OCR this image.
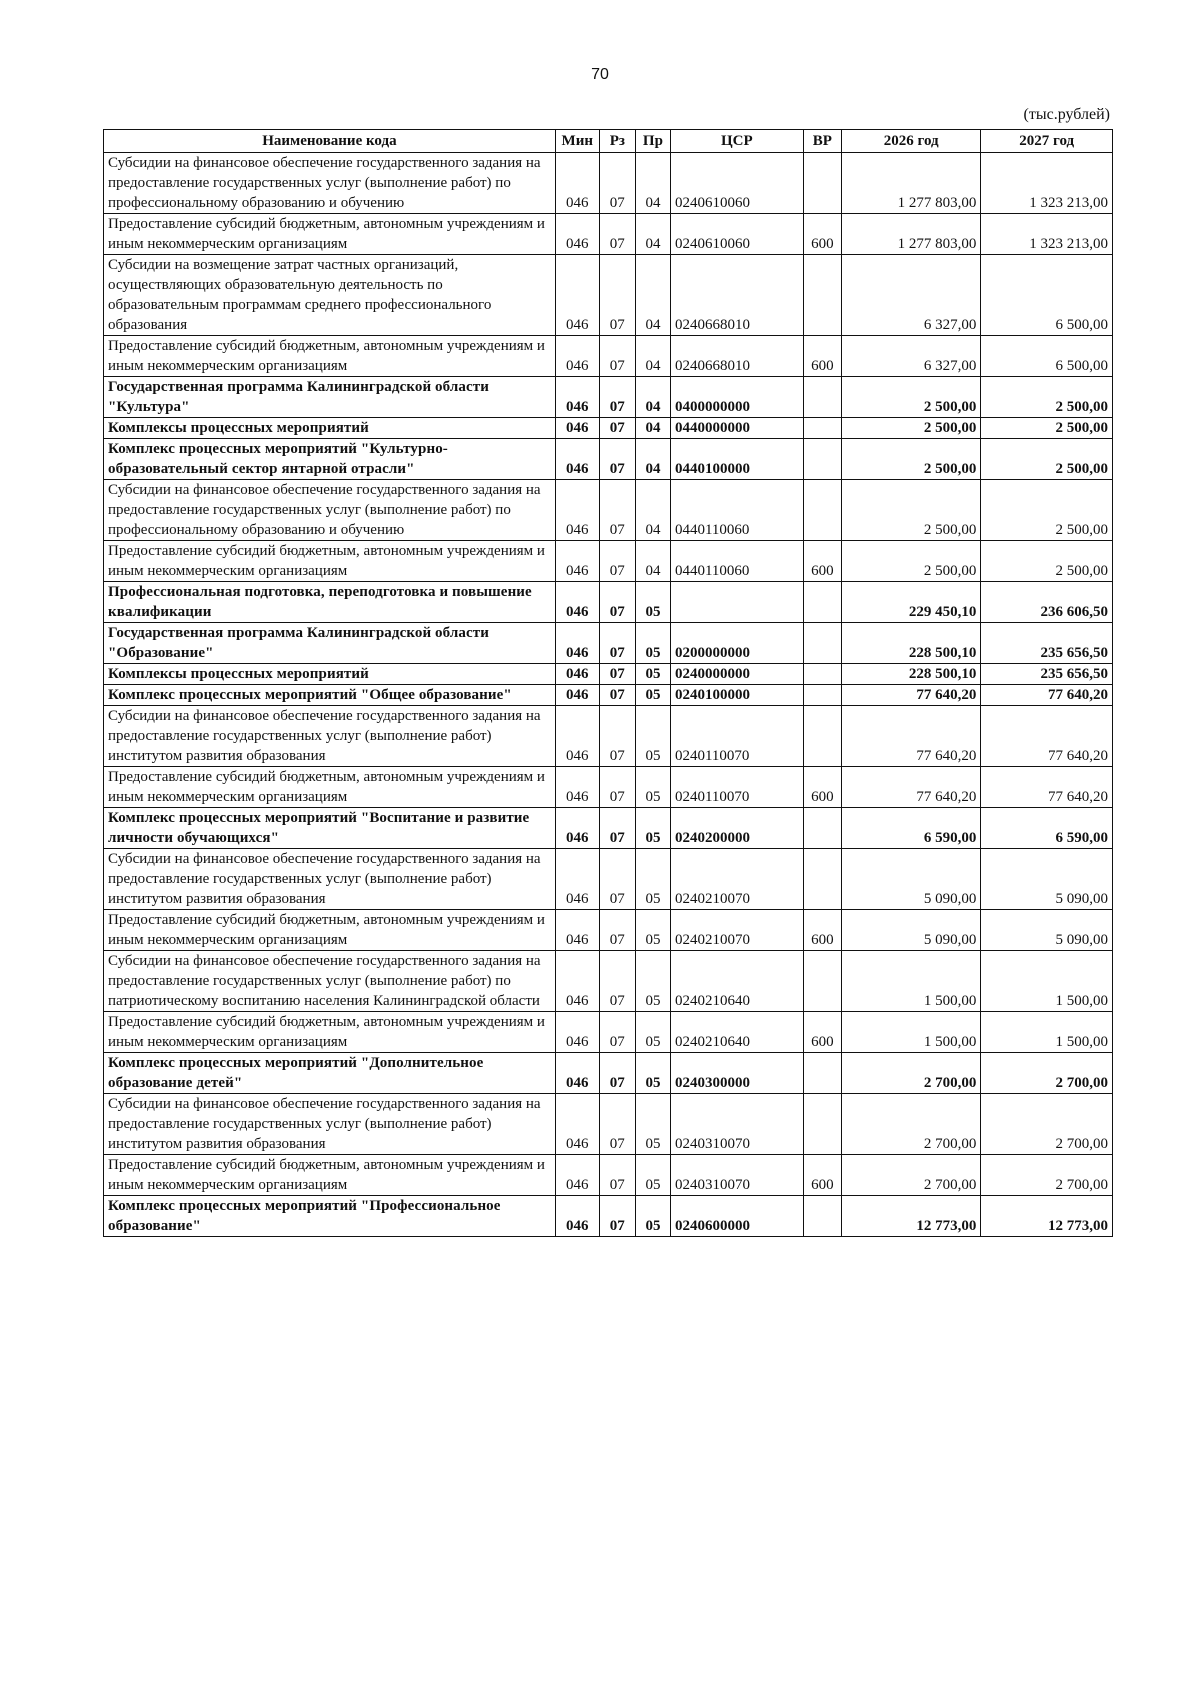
70
(тыс.рублей)
Наименование кода	Мин	Рз	Пр	ЦСР	ВР	2026 год	2027 год
Субсидии на финансовое обеспечение государственного задания на предоставление государственных услуг (выполнение работ) по профессиональному образованию и обучению	046	07	04	0240610060		1 277 803,00	1 323 213,00
Предоставление субсидий бюджетным, автономным учреждениям и иным некоммерческим организациям	046	07	04	0240610060	600	1 277 803,00	1 323 213,00
Субсидии на возмещение затрат частных организаций, осуществляющих образовательную деятельность по образовательным программам среднего профессионального образования	046	07	04	0240668010		6 327,00	6 500,00
Предоставление субсидий бюджетным, автономным учреждениям и иным некоммерческим организациям	046	07	04	0240668010	600	6 327,00	6 500,00
Государственная программа Калининградской области "Культура"	046	07	04	0400000000		2 500,00	2 500,00
Комплексы процессных мероприятий	046	07	04	0440000000		2 500,00	2 500,00
Комплекс процессных мероприятий "Культурно-образовательный сектор янтарной отрасли"	046	07	04	0440100000		2 500,00	2 500,00
Субсидии на финансовое обеспечение государственного задания на предоставление государственных услуг (выполнение работ) по профессиональному образованию и обучению	046	07	04	0440110060		2 500,00	2 500,00
Предоставление субсидий бюджетным, автономным учреждениям и иным некоммерческим организациям	046	07	04	0440110060	600	2 500,00	2 500,00
Профессиональная подготовка, переподготовка и повышение квалификации	046	07	05			229 450,10	236 606,50
Государственная программа Калининградской области "Образование"	046	07	05	0200000000		228 500,10	235 656,50
Комплексы процессных мероприятий	046	07	05	0240000000		228 500,10	235 656,50
Комплекс процессных мероприятий "Общее образование"	046	07	05	0240100000		77 640,20	77 640,20
Субсидии на финансовое обеспечение государственного задания на предоставление государственных услуг (выполнение работ) институтом развития образования	046	07	05	0240110070		77 640,20	77 640,20
Предоставление субсидий бюджетным, автономным учреждениям и иным некоммерческим организациям	046	07	05	0240110070	600	77 640,20	77 640,20
Комплекс процессных мероприятий "Воспитание и развитие личности обучающихся"	046	07	05	0240200000		6 590,00	6 590,00
Субсидии на финансовое обеспечение государственного задания на предоставление государственных услуг (выполнение работ) институтом развития образования	046	07	05	0240210070		5 090,00	5 090,00
Предоставление субсидий бюджетным, автономным учреждениям и иным некоммерческим организациям	046	07	05	0240210070	600	5 090,00	5 090,00
Субсидии на финансовое обеспечение государственного задания на предоставление государственных услуг (выполнение работ) по патриотическому воспитанию населения Калининградской области	046	07	05	0240210640		1 500,00	1 500,00
Предоставление субсидий бюджетным, автономным учреждениям и иным некоммерческим организациям	046	07	05	0240210640	600	1 500,00	1 500,00
Комплекс процессных мероприятий "Дополнительное образование детей"	046	07	05	0240300000		2 700,00	2 700,00
Субсидии на финансовое обеспечение государственного задания на предоставление государственных услуг (выполнение работ) институтом развития образования	046	07	05	0240310070		2 700,00	2 700,00
Предоставление субсидий бюджетным, автономным учреждениям и иным некоммерческим организациям	046	07	05	0240310070	600	2 700,00	2 700,00
Комплекс процессных мероприятий "Профессиональное образование"	046	07	05	0240600000		12 773,00	12 773,00
